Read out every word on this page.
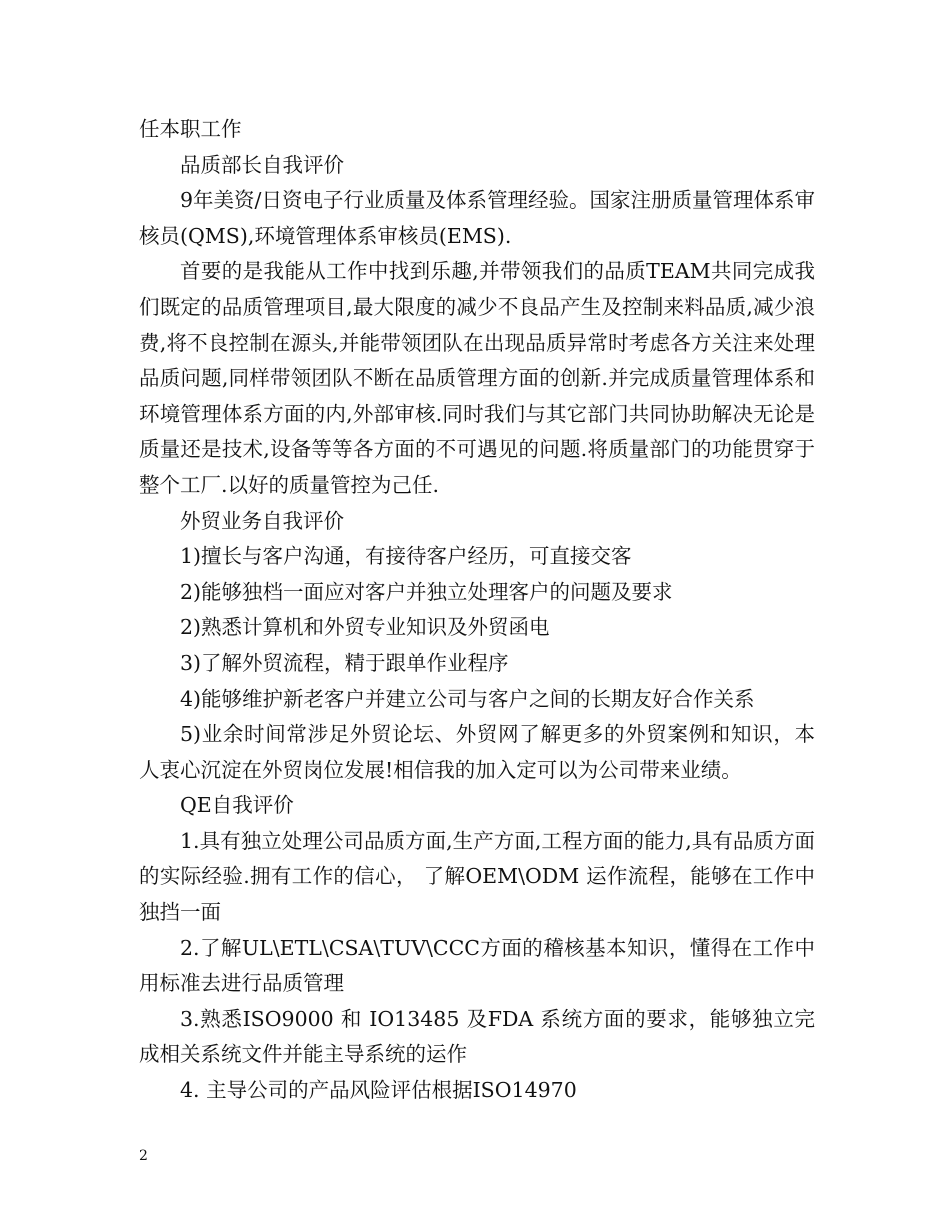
任本职工作

品质部长自我评价

9年美资/日资电子行业质量及体系管理经验。国家注册质量管理体系审核员(QMS),环境管理体系审核员(EMS).

首要的是我能从工作中找到乐趣,并带领我们的品质TEAM共同完成我们既定的品质管理项目,最大限度的减少不良品产生及控制来料品质,减少浪费,将不良控制在源头,并能带领团队在出现品质异常时考虑各方关注来处理品质问题,同样带领团队不断在品质管理方面的创新.并完成质量管理体系和环境管理体系方面的内,外部审核.同时我们与其它部门共同协助解决无论是质量还是技术,设备等等各方面的不可遇见的问题.将质量部门的功能贯穿于整个工厂.以好的质量管控为己任.

外贸业务自我评价

1)擅长与客户沟通，有接待客户经历，可直接交客

2)能够独档一面应对客户并独立处理客户的问题及要求

2)熟悉计算机和外贸专业知识及外贸函电

3)了解外贸流程，精于跟单作业程序

4)能够维护新老客户并建立公司与客户之间的长期友好合作关系

5)业余时间常涉足外贸论坛、外贸网了解更多的外贸案例和知识，本人衷心沉淀在外贸岗位发展!相信我的加入定可以为公司带来业绩。

QE自我评价

1.具有独立处理公司品质方面,生产方面,工程方面的能力,具有品质方面的实际经验.拥有工作的信心， 了解OEM\ODM 运作流程，能够在工作中独挡一面

2.了解UL\ETL\CSA\TUV\CCC方面的稽核基本知识，懂得在工作中用标准去进行品质管理

3.熟悉ISO9000 和 IO13485 及FDA 系统方面的要求，能够独立完成相关系统文件并能主导系统的运作

4. 主导公司的产品风险评估根据ISO14970

2
